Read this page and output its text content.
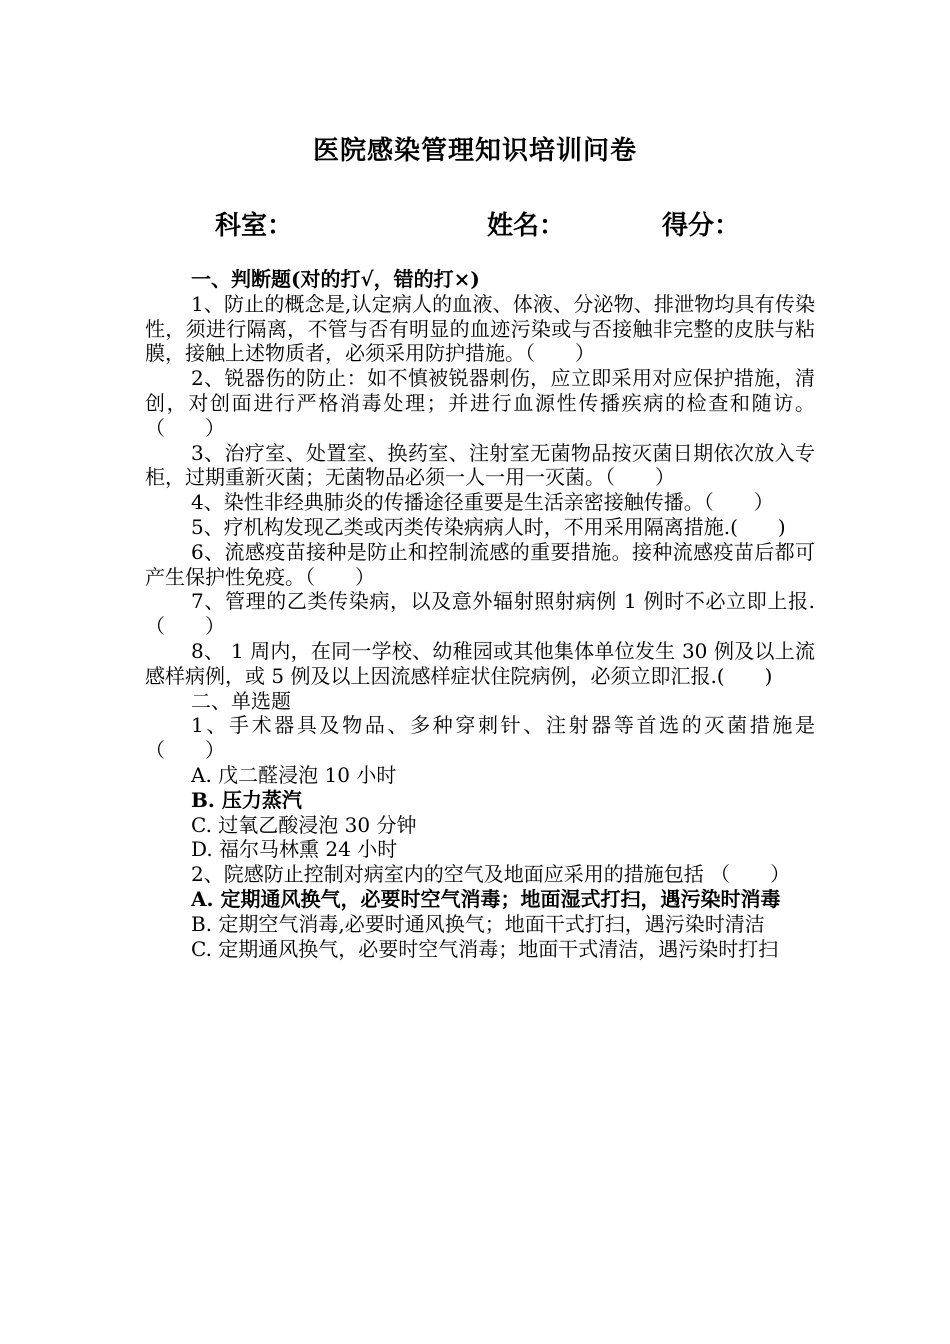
医院感染管理知识培训问卷
科室：	姓名：	得分：

一、判断题(对的打√，错的打×)

1、防止的概念是,认定病人的血液、体液、分泌物、排泄物均具有传染性，须进行隔离，不管与否有明显的血迹污染或与否接触非完整的皮肤与粘膜，接触上述物质者，必须采用防护措施。（　　）

2、锐器伤的防止：如不慎被锐器刺伤，应立即采用对应保护措施，清创，对创面进行严格消毒处理；并进行血源性传播疾病的检查和随访。（　　）

3、治疗室、处置室、换药室、注射室无菌物品按灭菌日期依次放入专柜，过期重新灭菌；无菌物品必须一人一用一灭菌。（　　）

4、染性非经典肺炎的传播途径重要是生活亲密接触传播。（　　）

5、疗机构发现乙类或丙类传染病病人时，不用采用隔离措施.(　　)

6、流感疫苗接种是防止和控制流感的重要措施。接种流感疫苗后都可产生保护性免疫。（　　）

7、管理的乙类传染病，以及意外辐射照射病例 1 例时不必立即上报.（　　）

8、 1 周内，在同一学校、幼稚园或其他集体单位发生 30 例及以上流感样病例，或 5 例及以上因流感样症状住院病例，必须立即汇报.(　　)

二、单选题

1、手术器具及物品、多种穿刺针、注射器等首选的灭菌措施是 （　　）

A. 戊二醛浸泡 10 小时

B. 压力蒸汽

C. 过氧乙酸浸泡 30 分钟

D. 福尔马林熏 24 小时

2、院感防止控制对病室内的空气及地面应采用的措施包括 （　　）

A. 定期通风换气，必要时空气消毒；地面湿式打扫，遇污染时消毒

B. 定期空气消毒,必要时通风换气；地面干式打扫，遇污染时清洁

C. 定期通风换气，必要时空气消毒；地面干式清洁，遇污染时打扫
